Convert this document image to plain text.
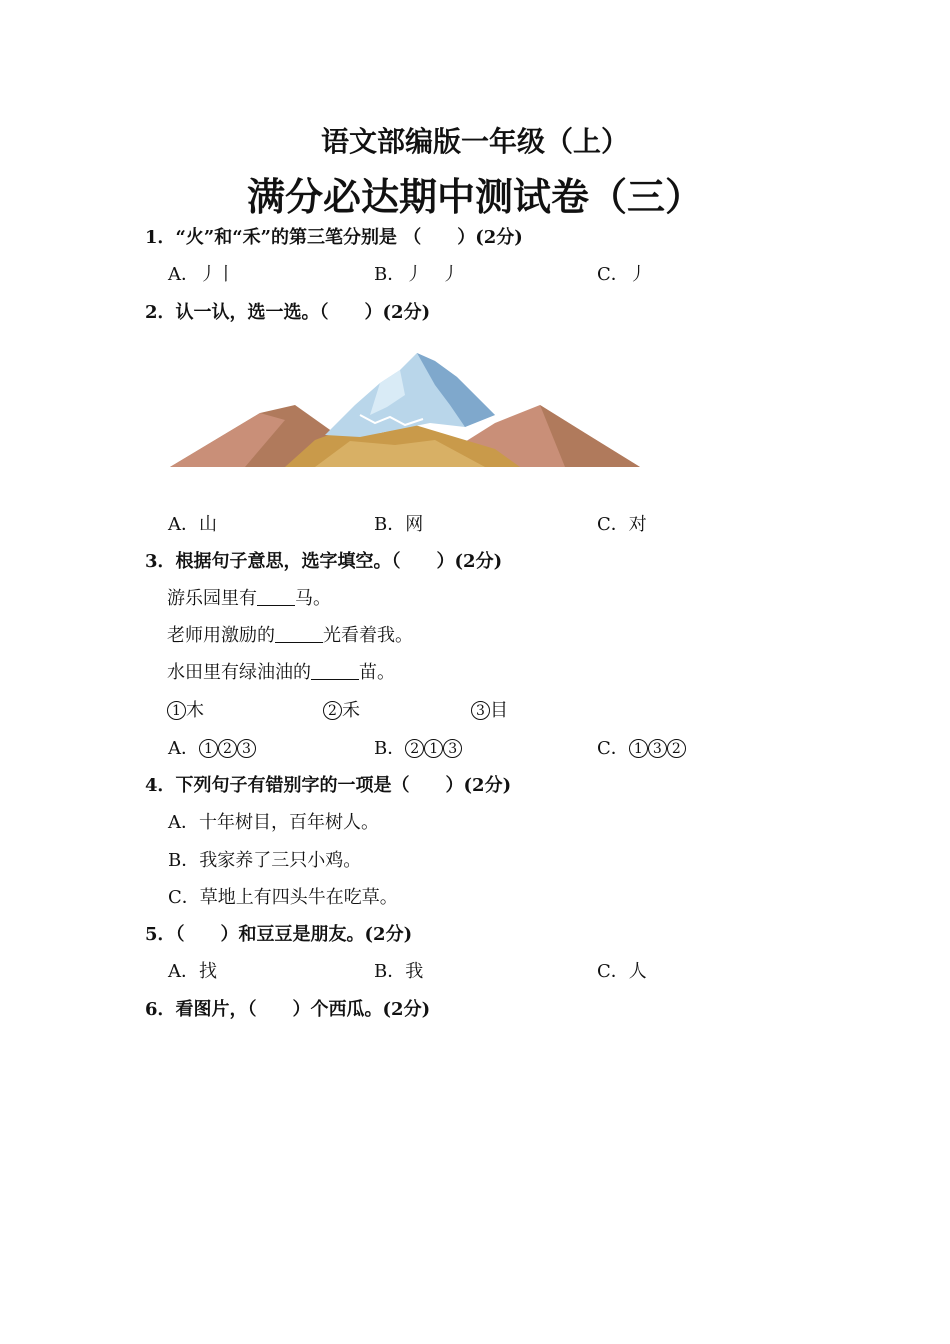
语文部编版一年级（上）
满分必达期中测试卷（三）
1．“火”和“禾”的第三笔分别是 （　　）(2分)
A．丿丨	B．丿　丿	C．丿
2．认一认，选一选。（　　）(2分)
A．山	B．网	C．对
3．根据句子意思，选字填空。（　　）(2分)
游乐园里有 马。
老师用激励的	光看着我。
水田里有绿油油的	苗。
1 木	2 禾	3 目
A． 1 2 3	B． 2 1 3	C． 1 3 2
4．下列句子有错别字的一项是（　　）(2分)
A．十年树目，百年树人。
B．我家养了三只小鸡。
C．草地上有四头牛在吃草。
5．（　　）和豆豆是朋友。(2分)
A．找	B．我	C．人
6．看图片，（　　）个西瓜。(2分)
